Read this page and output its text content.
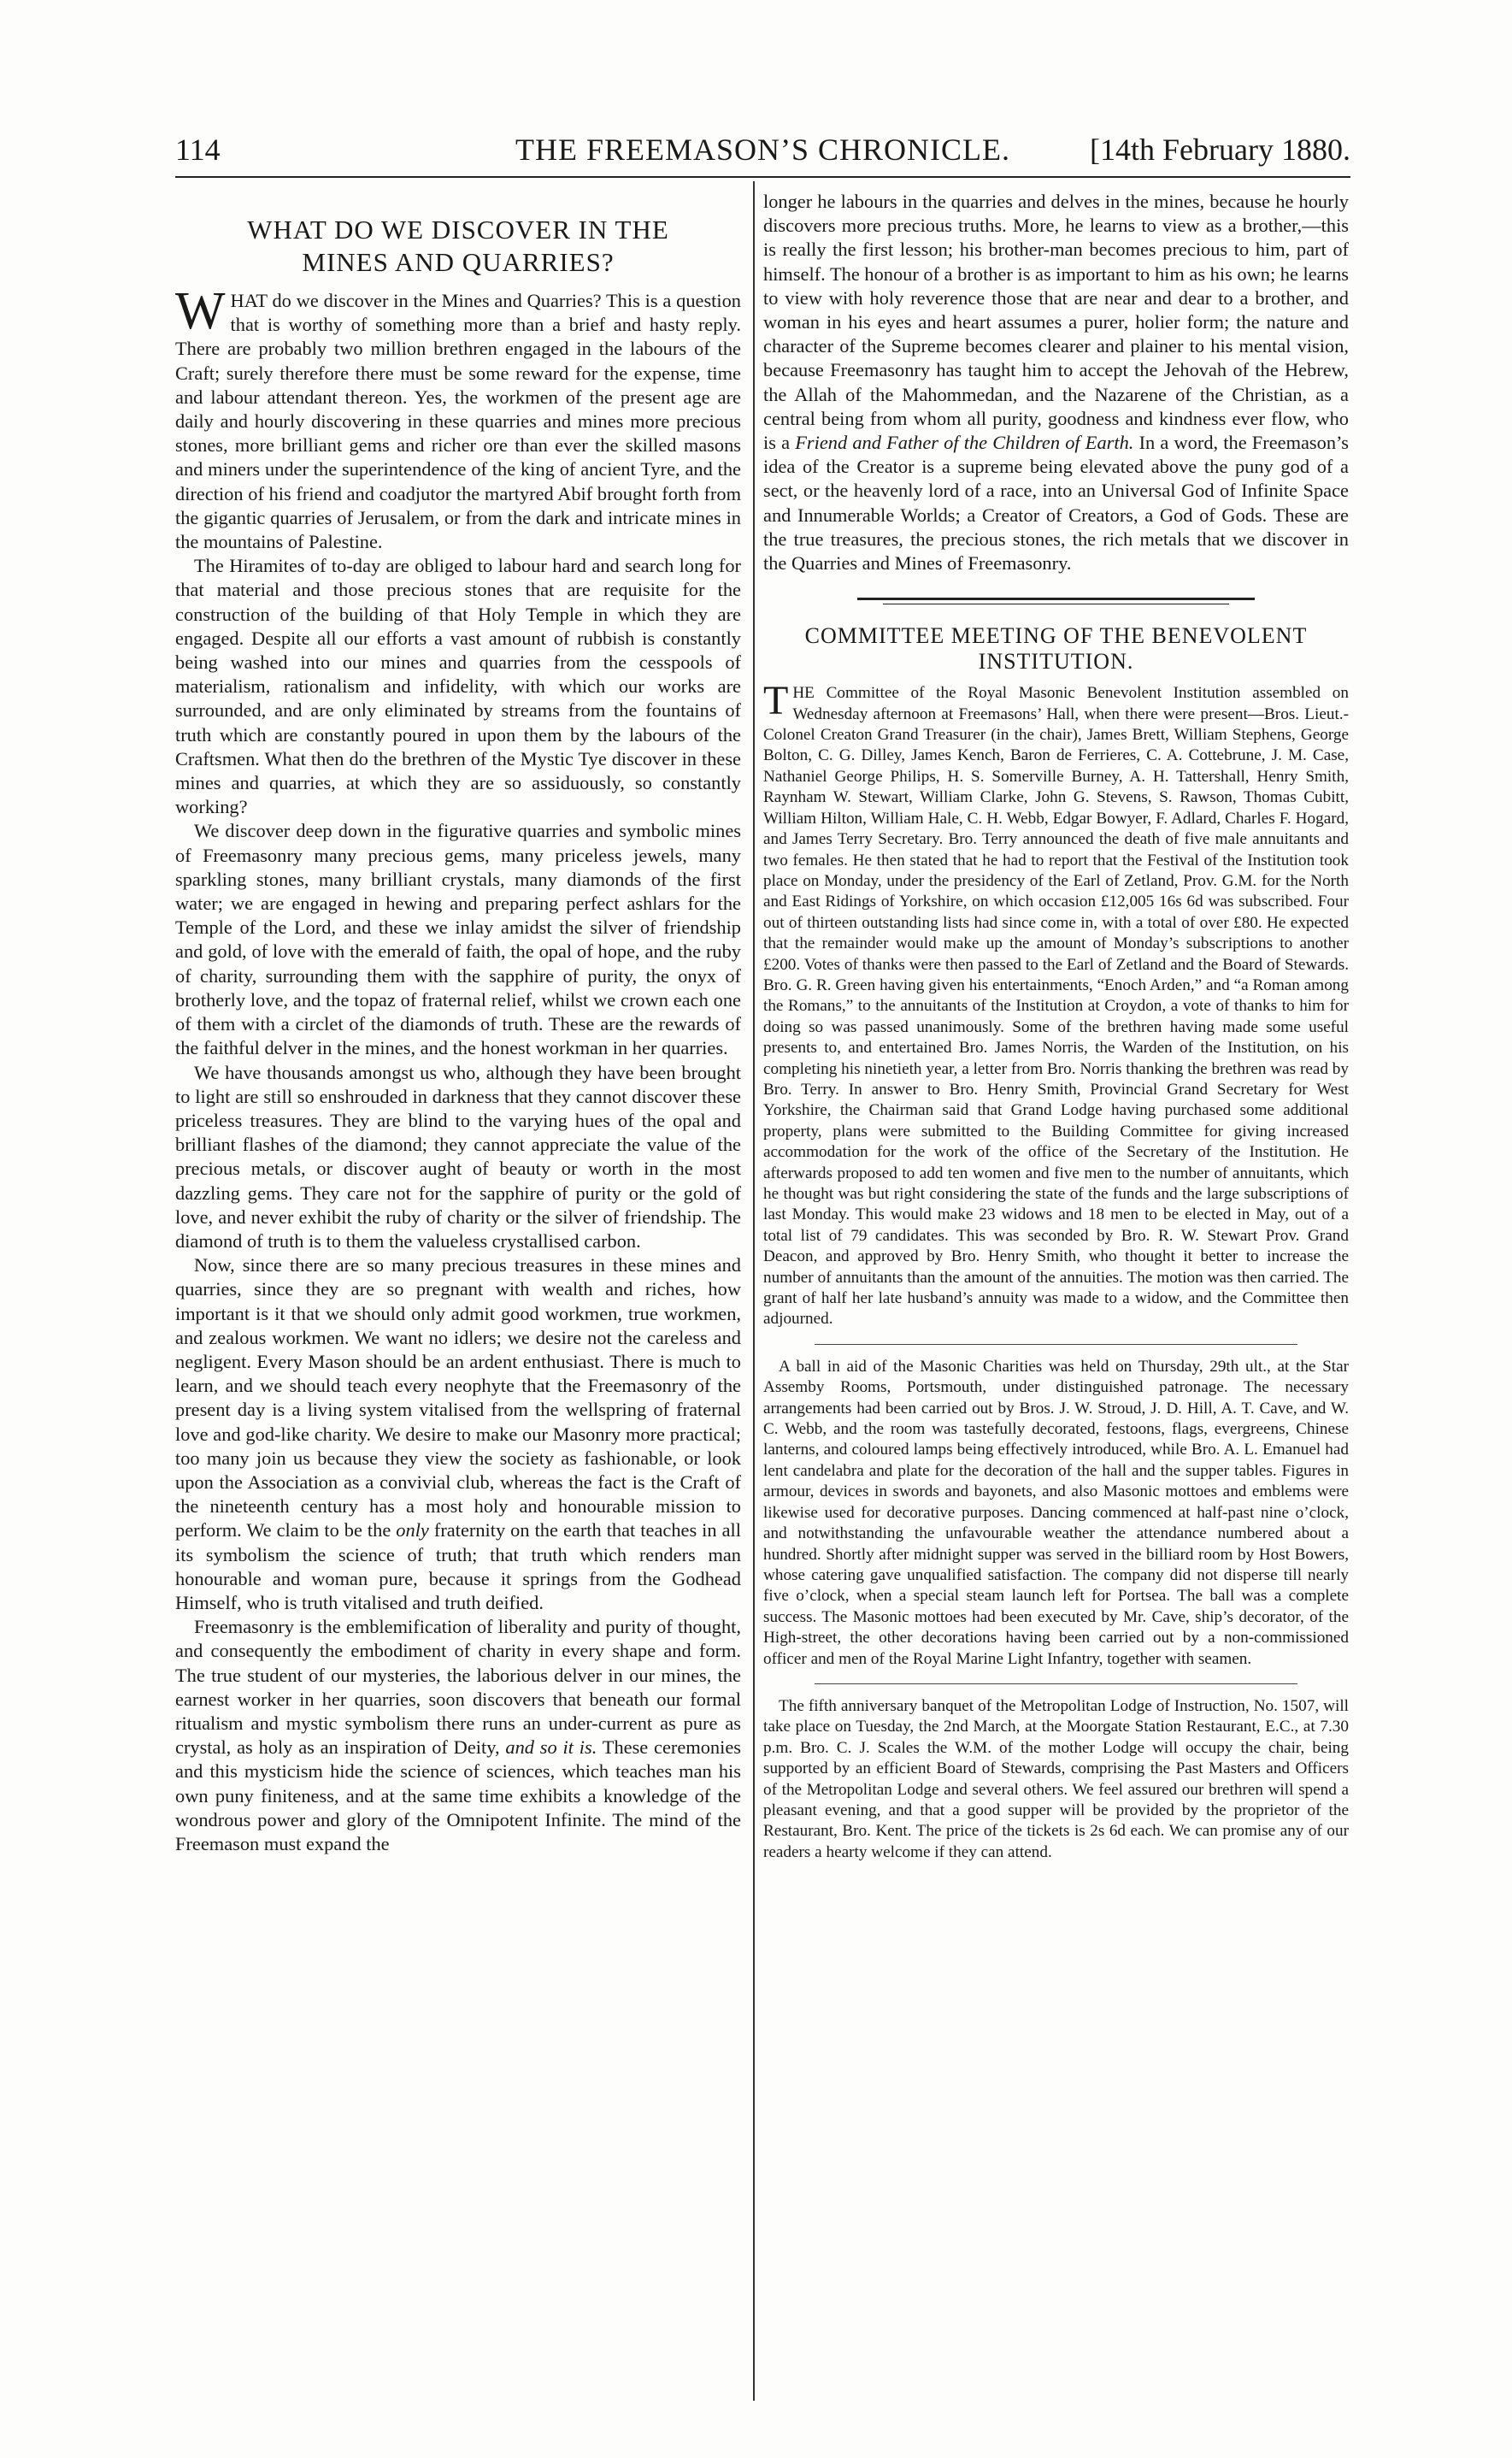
114	THE FREEMASON’S CHRONICLE.	[14th February 1880.
WHAT DO WE DISCOVER IN THE
MINES AND QUARRIES?

WHAT do we discover in the Mines and Quarries? This is a question that is worthy of something more than a brief and hasty reply. There are probably two million brethren engaged in the labours of the Craft; surely therefore there must be some reward for the expense, time and labour attendant thereon. Yes, the workmen of the present age are daily and hourly discovering in these quarries and mines more precious stones, more brilliant gems and richer ore than ever the skilled masons and miners under the superintendence of the king of ancient Tyre, and the direction of his friend and coadjutor the martyred Abif brought forth from the gigantic quarries of Jerusalem, or from the dark and intricate mines in the mountains of Palestine.

The Hiramites of to-day are obliged to labour hard and search long for that material and those precious stones that are requisite for the construction of the building of that Holy Temple in which they are engaged. Despite all our efforts a vast amount of rubbish is constantly being washed into our mines and quarries from the cesspools of materialism, rationalism and infidelity, with which our works are surrounded, and are only eliminated by streams from the fountains of truth which are constantly poured in upon them by the labours of the Craftsmen. What then do the brethren of the Mystic Tye discover in these mines and quarries, at which they are so assiduously, so constantly working?

We discover deep down in the figurative quarries and symbolic mines of Freemasonry many precious gems, many priceless jewels, many sparkling stones, many brilliant crystals, many diamonds of the first water; we are engaged in hewing and preparing perfect ashlars for the Temple of the Lord, and these we inlay amidst the silver of friendship and gold, of love with the emerald of faith, the opal of hope, and the ruby of charity, surrounding them with the sapphire of purity, the onyx of brotherly love, and the topaz of fraternal relief, whilst we crown each one of them with a circlet of the diamonds of truth. These are the rewards of the faithful delver in the mines, and the honest workman in her quarries.

We have thousands amongst us who, although they have been brought to light are still so enshrouded in darkness that they cannot discover these priceless treasures. They are blind to the varying hues of the opal and brilliant flashes of the diamond; they cannot appreciate the value of the precious metals, or discover aught of beauty or worth in the most dazzling gems. They care not for the sapphire of purity or the gold of love, and never exhibit the ruby of charity or the silver of friendship. The diamond of truth is to them the valueless crystallised carbon.

Now, since there are so many precious treasures in these mines and quarries, since they are so pregnant with wealth and riches, how important is it that we should only admit good workmen, true workmen, and zealous workmen. We want no idlers; we desire not the careless and negligent. Every Mason should be an ardent enthusiast. There is much to learn, and we should teach every neophyte that the Freemasonry of the present day is a living system vitalised from the wellspring of fraternal love and god-like charity. We desire to make our Masonry more practical; too many join us because they view the society as fashionable, or look upon the Association as a convivial club, whereas the fact is the Craft of the nineteenth century has a most holy and honourable mission to perform. We claim to be the only fraternity on the earth that teaches in all its symbolism the science of truth; that truth which renders man honourable and woman pure, because it springs from the Godhead Himself, who is truth vitalised and truth deified.

Freemasonry is the emblemification of liberality and purity of thought, and consequently the embodiment of charity in every shape and form. The true student of our mysteries, the laborious delver in our mines, the earnest worker in her quarries, soon discovers that beneath our formal ritualism and mystic symbolism there runs an under-current as pure as crystal, as holy as an inspiration of Deity, and so it is. These ceremonies and this mysticism hide the science of sciences, which teaches man his own puny finiteness, and at the same time exhibits a knowledge of the wondrous power and glory of the Omnipotent Infinite. The mind of the Freemason must expand the

longer he labours in the quarries and delves in the mines, because he hourly discovers more precious truths. More, he learns to view as a brother,—this is really the first lesson; his brother-man becomes precious to him, part of himself. The honour of a brother is as important to him as his own; he learns to view with holy reverence those that are near and dear to a brother, and woman in his eyes and heart assumes a purer, holier form; the nature and character of the Supreme becomes clearer and plainer to his mental vision, because Freemasonry has taught him to accept the Jehovah of the Hebrew, the Allah of the Mahommedan, and the Nazarene of the Christian, as a central being from whom all purity, goodness and kindness ever flow, who is a Friend and Father of the Children of Earth. In a word, the Freemason’s idea of the Creator is a supreme being elevated above the puny god of a sect, or the heavenly lord of a race, into an Universal God of Infinite Space and Innumerable Worlds; a Creator of Creators, a God of Gods. These are the true treasures, the precious stones, the rich metals that we discover in the Quarries and Mines of Freemasonry.

COMMITTEE MEETING OF THE BENEVOLENT
INSTITUTION.

THE Committee of the Royal Masonic Benevolent Institution assembled on Wednesday afternoon at Freemasons’ Hall, when there were present—Bros. Lieut.-Colonel Creaton Grand Treasurer (in the chair), James Brett, William Stephens, George Bolton, C. G. Dilley, James Kench, Baron de Ferrieres, C. A. Cottebrune, J. M. Case, Nathaniel George Philips, H. S. Somerville Burney, A. H. Tattershall, Henry Smith, Raynham W. Stewart, William Clarke, John G. Stevens, S. Rawson, Thomas Cubitt, William Hilton, William Hale, C. H. Webb, Edgar Bowyer, F. Adlard, Charles F. Hogard, and James Terry Secretary. Bro. Terry announced the death of five male annuitants and two females. He then stated that he had to report that the Festival of the Institution took place on Monday, under the presidency of the Earl of Zetland, Prov. G.M. for the North and East Ridings of Yorkshire, on which occasion £12,005 16s 6d was subscribed. Four out of thirteen outstanding lists had since come in, with a total of over £80. He expected that the remainder would make up the amount of Monday’s subscriptions to another £200. Votes of thanks were then passed to the Earl of Zetland and the Board of Stewards. Bro. G. R. Green having given his entertainments, “Enoch Arden,” and “a Roman among the Romans,” to the annuitants of the Institution at Croydon, a vote of thanks to him for doing so was passed unanimously. Some of the brethren having made some useful presents to, and entertained Bro. James Norris, the Warden of the Institution, on his completing his ninetieth year, a letter from Bro. Norris thanking the brethren was read by Bro. Terry. In answer to Bro. Henry Smith, Provincial Grand Secretary for West Yorkshire, the Chairman said that Grand Lodge having purchased some additional property, plans were submitted to the Building Committee for giving increased accommodation for the work of the office of the Secretary of the Institution. He afterwards proposed to add ten women and five men to the number of annuitants, which he thought was but right considering the state of the funds and the large subscriptions of last Monday. This would make 23 widows and 18 men to be elected in May, out of a total list of 79 candidates. This was seconded by Bro. R. W. Stewart Prov. Grand Deacon, and approved by Bro. Henry Smith, who thought it better to increase the number of annuitants than the amount of the annuities. The motion was then carried. The grant of half her late husband’s annuity was made to a widow, and the Committee then adjourned.

A ball in aid of the Masonic Charities was held on Thursday, 29th ult., at the Star Assemby Rooms, Portsmouth, under distinguished patronage. The necessary arrangements had been carried out by Bros. J. W. Stroud, J. D. Hill, A. T. Cave, and W. C. Webb, and the room was tastefully decorated, festoons, flags, evergreens, Chinese lanterns, and coloured lamps being effectively introduced, while Bro. A. L. Emanuel had lent candelabra and plate for the decoration of the hall and the supper tables. Figures in armour, devices in swords and bayonets, and also Masonic mottoes and emblems were likewise used for decorative purposes. Dancing commenced at half-past nine o’clock, and notwithstanding the unfavourable weather the attendance numbered about a hundred. Shortly after midnight supper was served in the billiard room by Host Bowers, whose catering gave unqualified satisfaction. The company did not disperse till nearly five o’clock, when a special steam launch left for Portsea. The ball was a complete success. The Masonic mottoes had been executed by Mr. Cave, ship’s decorator, of the High-street, the other decorations having been carried out by a non-commissioned officer and men of the Royal Marine Light Infantry, together with seamen.

The fifth anniversary banquet of the Metropolitan Lodge of Instruction, No. 1507, will take place on Tuesday, the 2nd March, at the Moorgate Station Restaurant, E.C., at 7.30 p.m. Bro. C. J. Scales the W.M. of the mother Lodge will occupy the chair, being supported by an efficient Board of Stewards, comprising the Past Masters and Officers of the Metropolitan Lodge and several others. We feel assured our brethren will spend a pleasant evening, and that a good supper will be provided by the proprietor of the Restaurant, Bro. Kent. The price of the tickets is 2s 6d each. We can promise any of our readers a hearty welcome if they can attend.
